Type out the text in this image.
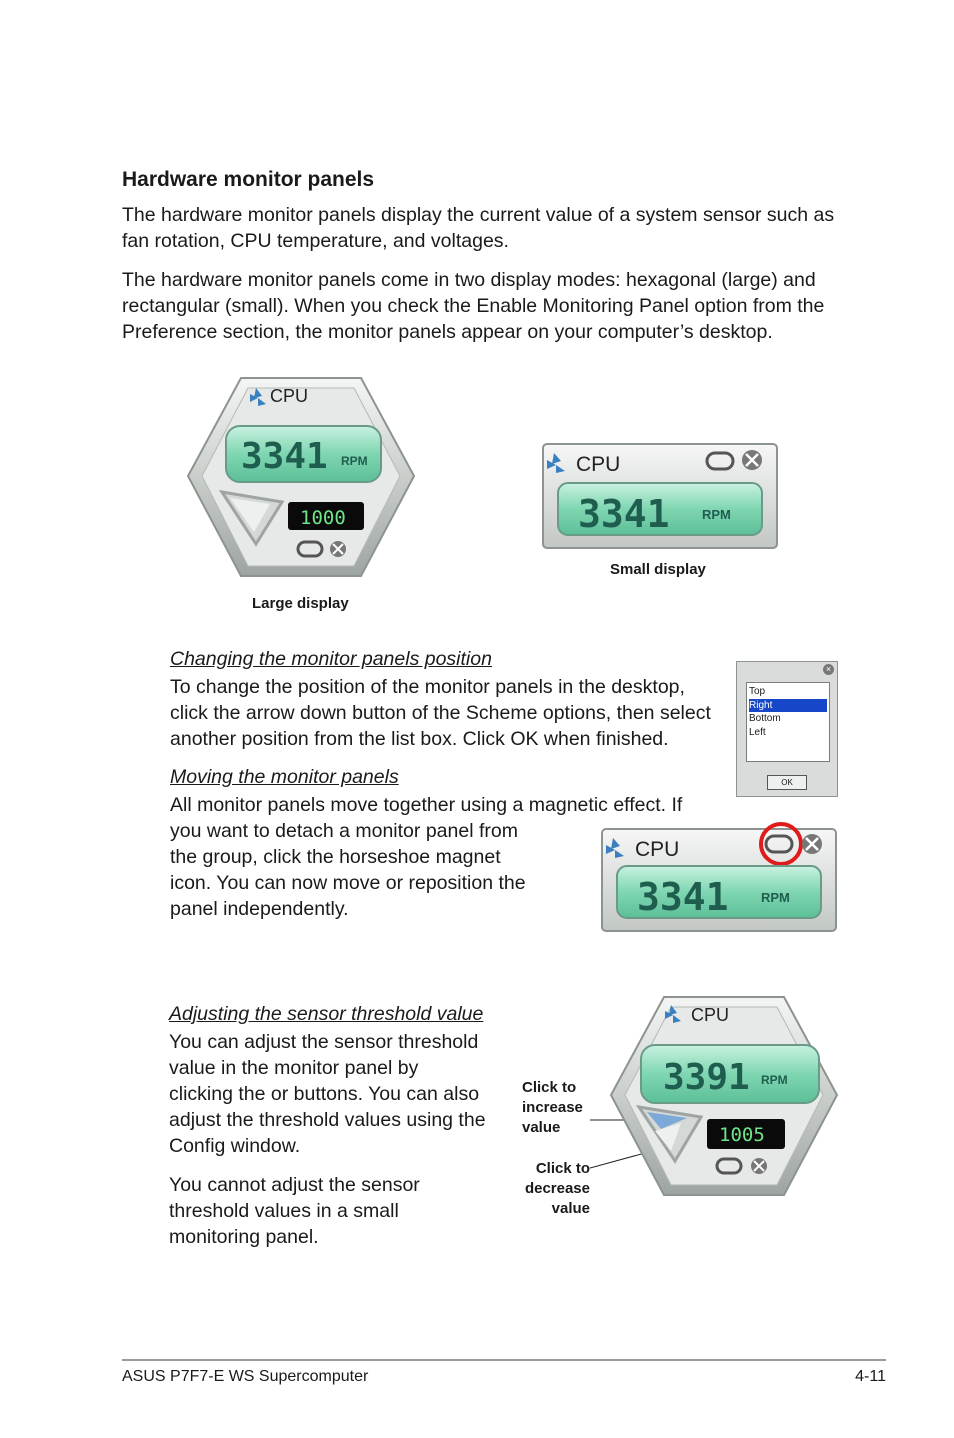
Hardware monitor panels

The hardware monitor panels display the current value of a system sensor such as fan rotation, CPU temperature, and voltages.

The hardware monitor panels come in two display modes: hexagonal (large) and rectangular (small). When you check the Enable Monitoring Panel option from the Preference section, the monitor panels appear on your computer’s desktop.

CPU
3341 RPM
1000
Large display
CPU
3341 RPM
Small display
Changing the monitor panels position

To change the position of the monitor panels in the desktop, click the arrow down button of the Scheme options, then select another position from the list box. Click OK when finished.

×
Top
Right
Bottom
Left
OK
Moving the monitor panels
All monitor panels move together using a magnetic effect. If

you want to detach a monitor panel from the group, click the horseshoe magnet icon. You can now move or reposition the panel independently.

CPU
3341 RPM
Adjusting the sensor threshold value

You can adjust the sensor threshold value in the monitor panel by clicking the or buttons. You can also adjust the threshold values using the Config window.

You cannot adjust the sensor threshold values in a small monitoring panel.

Click to
increase
value
Click to
decrease
value
CPU
3391 RPM
1005
ASUS P7F7-E WS Supercomputer	4-11
